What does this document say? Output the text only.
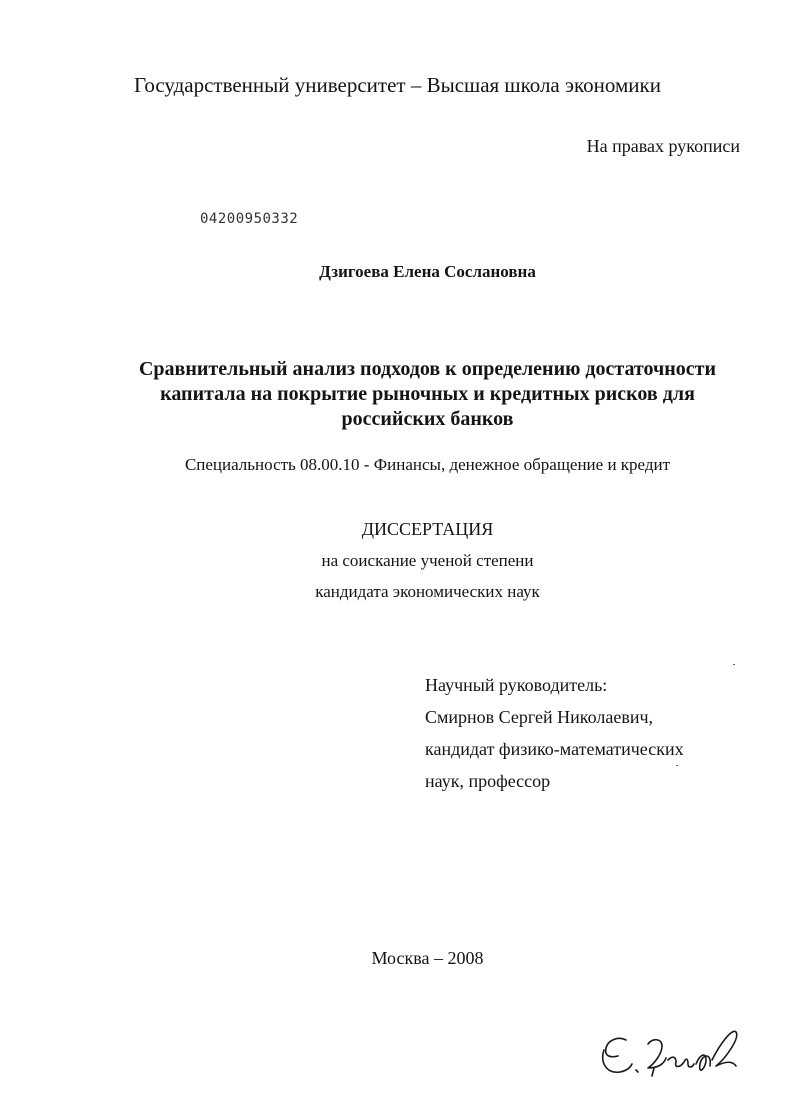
Государственный университет – Высшая школа экономики
На правах рукописи
04200950332
Дзигоева Елена Сослановна
Сравнительный анализ подходов к определению достаточности
капитала на покрытие рыночных и кредитных рисков для
российских банков
Специальность 08.00.10 - Финансы, денежное обращение и кредит
ДИССЕРТАЦИЯ
на соискание ученой степени
кандидата экономических наук
Научный руководитель:
Смирнов Сергей Николаевич,
кандидат физико-математических
наук, профессор
Москва – 2008
